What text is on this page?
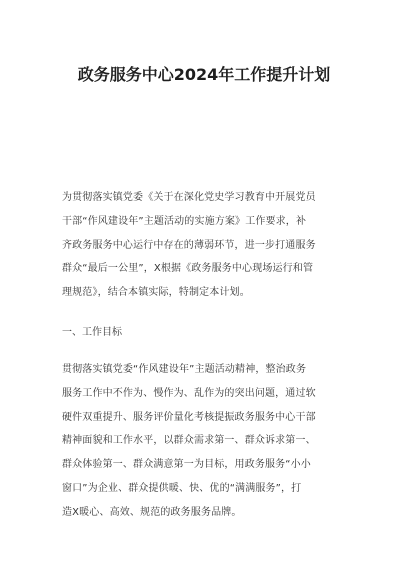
政务服务中心2024年工作提升计划
为贯彻落实镇党委《关于在深化党史学习教育中开展党员
干部“作风建设年”主题活动的实施方案》工作要求，补
齐政务服务中心运行中存在的薄弱环节，进一步打通服务
群众“最后一公里”，X根据《政务服务中心现场运行和管
理规范》，结合本镇实际，特制定本计划。
一、工作目标
贯彻落实镇党委“作风建设年”主题活动精神，整治政务
服务工作中不作为、慢作为、乱作为的突出问题，通过软
硬件双重提升、服务评价量化考核提振政务服务中心干部
精神面貌和工作水平，以群众需求第一、群众诉求第一、
群众体验第一、群众满意第一为目标，用政务服务“小小
窗口”为企业、群众提供暖、快、优的“满满服务”，打
造X暖心、高效、规范的政务服务品牌。
